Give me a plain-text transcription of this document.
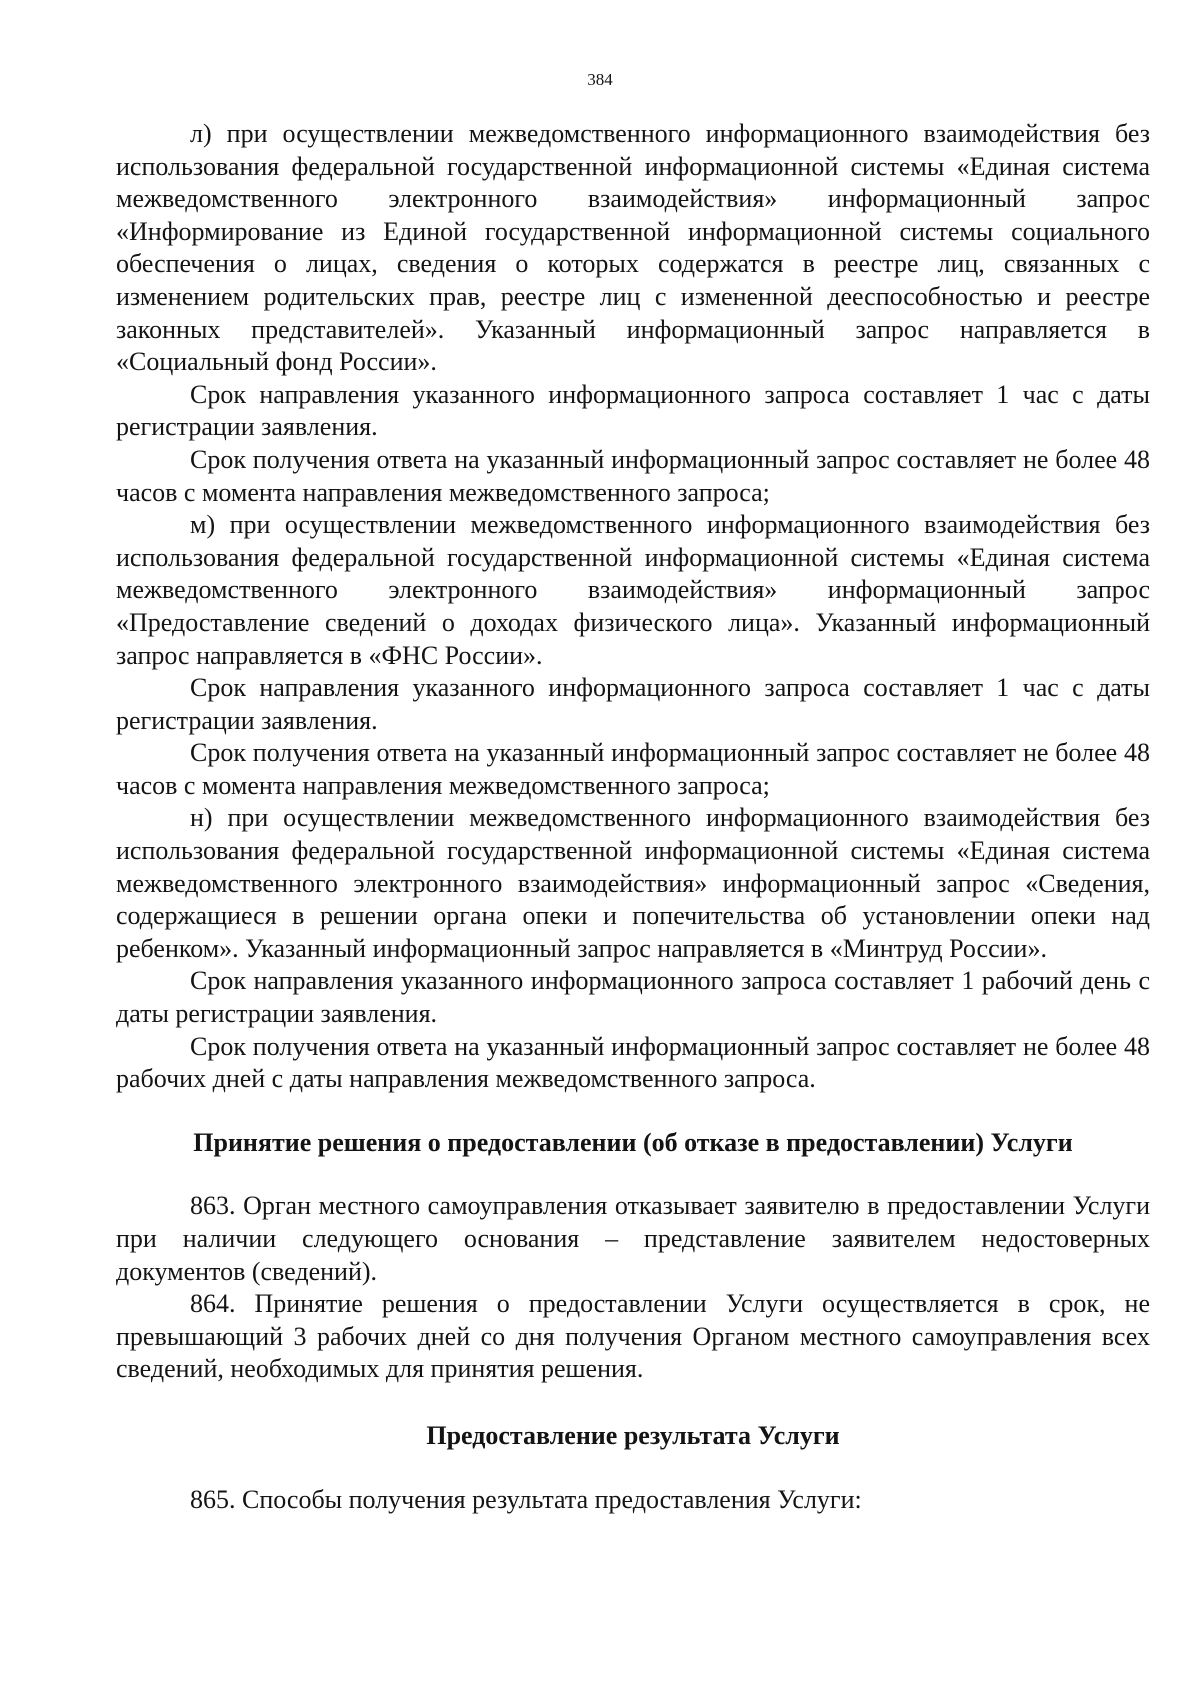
384

л) при осуществлении межведомственного информационного взаимодействия без использования федеральной государственной информационной системы «Единая система межведомственного электронного взаимодействия» информационный запрос «Информирование из Единой государственной информационной системы социального обеспечения о лицах, сведения о которых содержатся в реестре лиц, связанных с изменением родительских прав, реестре лиц с измененной дееспособностью и реестре законных представителей». Указанный информационный запрос направляется в «Социальный фонд России».

Срок направления указанного информационного запроса составляет 1 час с даты регистрации заявления.

Срок получения ответа на указанный информационный запрос составляет не более 48 часов с момента направления межведомственного запроса;

м) при осуществлении межведомственного информационного взаимодействия без использования федеральной государственной информационной системы «Единая система межведомственного электронного взаимодействия» информационный запрос «Предоставление сведений о доходах физического лица». Указанный информационный запрос направляется в «ФНС России».

Срок направления указанного информационного запроса составляет 1 час с даты регистрации заявления.

Срок получения ответа на указанный информационный запрос составляет не более 48 часов с момента направления межведомственного запроса;

н) при осуществлении межведомственного информационного взаимодействия без использования федеральной государственной информационной системы «Единая система межведомственного электронного взаимодействия» информационный запрос «Сведения, содержащиеся в решении органа опеки и попечительства об установлении опеки над ребенком». Указанный информационный запрос направляется в «Минтруд России».

Срок направления указанного информационного запроса составляет 1 рабочий день с даты регистрации заявления.

Срок получения ответа на указанный информационный запрос составляет не более 48 рабочих дней с даты направления межведомственного запроса.

Принятие решения о предоставлении (об отказе в предоставлении) Услуги

863. Орган местного самоуправления отказывает заявителю в предоставлении Услуги при наличии следующего основания – представление заявителем недостоверных документов (сведений).

864. Принятие решения о предоставлении Услуги осуществляется в срок, не превышающий 3 рабочих дней со дня получения Органом местного самоуправления всех сведений, необходимых для принятия решения.

Предоставление результата Услуги

865. Способы получения результата предоставления Услуги:
